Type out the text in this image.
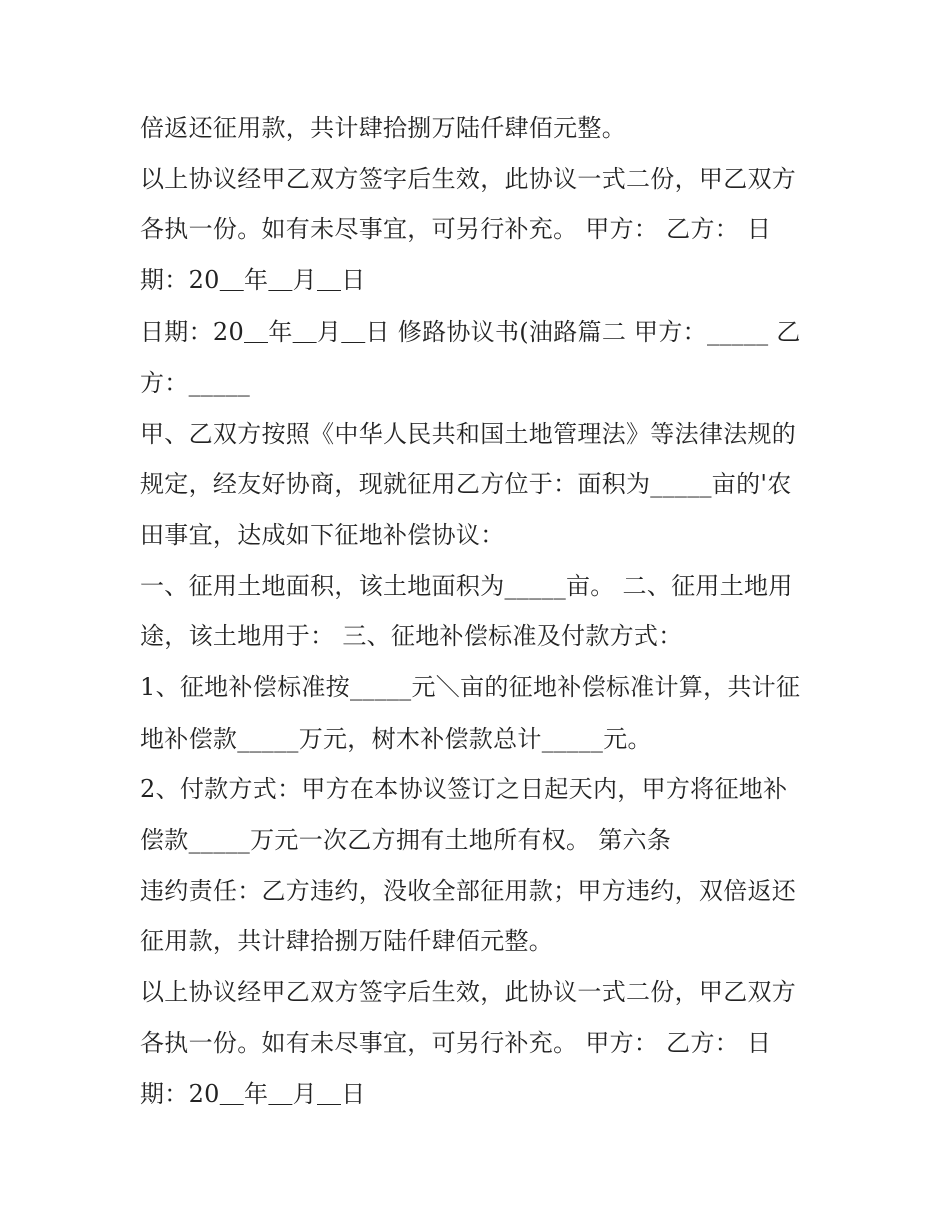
倍返还征用款，共计肆拾捌万陆仟肆佰元整。
以上协议经甲乙双方签字后生效，此协议一式二份，甲乙双方
各执一份。如有未尽事宜，可另行补充。 甲方： 乙方： 日
期：20＿年＿月＿日
日期：20＿年＿月＿日 修路协议书(油路篇二 甲方：_____ 乙
方：_____
甲、乙双方按照《中华人民共和国土地管理法》等法律法规的
规定，经友好协商，现就征用乙方位于：面积为_____亩的'农
田事宜，达成如下征地补偿协议：
一、征用土地面积，该土地面积为_____亩。 二、征用土地用
途，该土地用于： 三、征地补偿标准及付款方式：
1、征地补偿标准按_____元＼亩的征地补偿标准计算，共计征
地补偿款_____万元，树木补偿款总计_____元。
2、付款方式：甲方在本协议签订之日起天内，甲方将征地补
偿款_____万元一次乙方拥有土地所有权。 第六条
违约责任：乙方违约，没收全部征用款；甲方违约，双倍返还
征用款，共计肆拾捌万陆仟肆佰元整。
以上协议经甲乙双方签字后生效，此协议一式二份，甲乙双方
各执一份。如有未尽事宜，可另行补充。 甲方： 乙方： 日
期：20＿年＿月＿日
